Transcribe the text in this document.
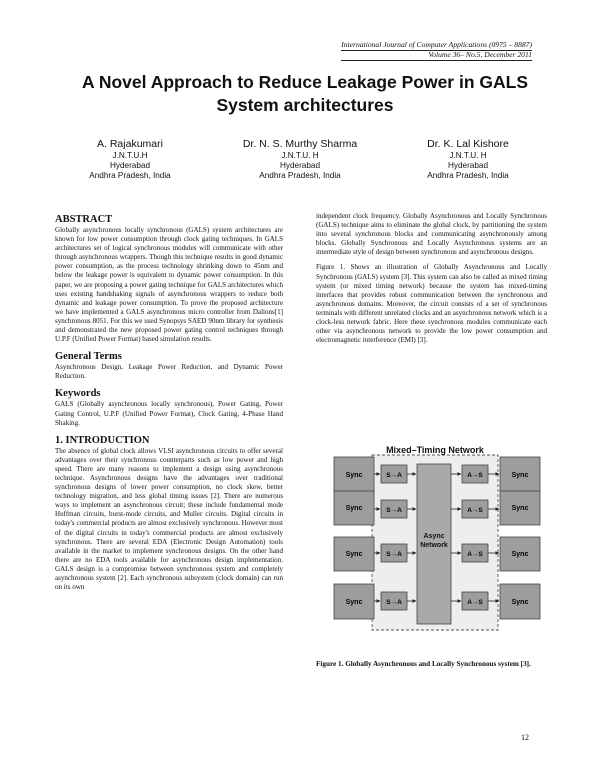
International Journal of Computer Applications (0975 – 8887)
Volume 36– No.5, December 2011
A Novel Approach to Reduce Leakage Power in GALS
System architectures
A. Rajakumari
J.N.T.U.H
Hyderabad
Andhra Pradesh, India
Dr. N. S. Murthy Sharma
J.N.T.U. H
Hyderabad
Andhra Pradesh, India
Dr. K. Lal Kishore
J.N.T.U. H
Hyderabad
Andhra Pradesh, India
ABSTRACT

Globally asynchronous locally synchronous (GALS) system architectures are known for low power consumption through clock gating techniques. In GALS architectures set of logical synchronous modules will communicate with other through asynchronous wrappers. Though this technique results in good dynamic power consumption, as the process technology shrinking down to 45nm and below the leakage power is equivalent to dynamic power consumption. In this paper, we are proposing a power gating technique for GALS architectures which uses existing handshaking signals of asynchronous wrappers to reduce both dynamic and leakage power consumption. To prove the proposed architecture we have implemented a GALS asynchronous micro controller from Dalions[1] synchronous 8051. For this we used Synopsys SAED 90nm library for synthesis and demonstrated the new proposed power gating control techniques through U.P.F (Unified Power Format) based simulation results.

General Terms

Asynchronous Design, Leakage Power Reduction, and Dynamic Power Reduction.

Keywords

GALS (Globally asynchronous locally synchronous), Power Gating, Power Gating Control, U.P.F (Unified Power Format), Clock Gating, 4-Phase Hand Shaking.

1. INTRODUCTION

The absence of global clock allows VLSI asynchronous circuits to offer several advantages over their synchronous counterparts such as low power and high speed. There are many reasons to implement a design using asynchronous technique. Asynchronous designs have the advantages over traditional synchronous designs of lower power consumption, no clock skew, better technology migration, and less global timing issues [2]. There are numerous ways to implement an asynchronous circuit; these include fundamental mode Huffman circuits, burst-mode circuits, and Muller circuits. Digital circuits in today's commercial products are almost exclusively synchronous. However most of the digital circuits in today's commercial products are almost exclusively synchronous. There are several EDA (Electronic Design Automation) tools available in the market to implement synchronous designs. On the other hand there are no EDA tools available for asynchronous design implementation. GALS design is a compromise between synchronous system and completely asynchronous system [2]. Each synchronous subsystem (clock domain) can run on its own

independent clock frequency. Globally Asynchronous and Locally Synchronous (GALS) technique aims to eliminate the global clock, by partitioning the system into several synchronous blocks and communicating asynchronously among blocks. Globally Synchronous and Locally Asynchronous systems are an intermediate style of design between synchronous and asynchronous designs.

Figure 1. Shows an illustration of Globally Asynchronous and Locally Synchronous (GALS) system [3]. This system can also be called as mixed timing system (or mixed timing network) because the system has mixed-timing interfaces that provides robust communication between the synchronous and asynchronous domains. Moreover, the circuit consists of a set of synchronous terminals with different unrelated clocks and an asynchronous network which is a clock-less network fabric. Here these synchronous modules communicate each other via asynchronous network to provide the low power consumption and electromagnetic interference (EMI) [3].

Mixed–Timing Network
Async
Network
Sync	S→A	A→S	Sync
Sync	S→A	A→S	Sync
Sync	S→A	A→S	Sync
Sync	S→A	A→S	Sync
Figure 1. Globally Asynchronous and Locally Synchronous system [3].
12
